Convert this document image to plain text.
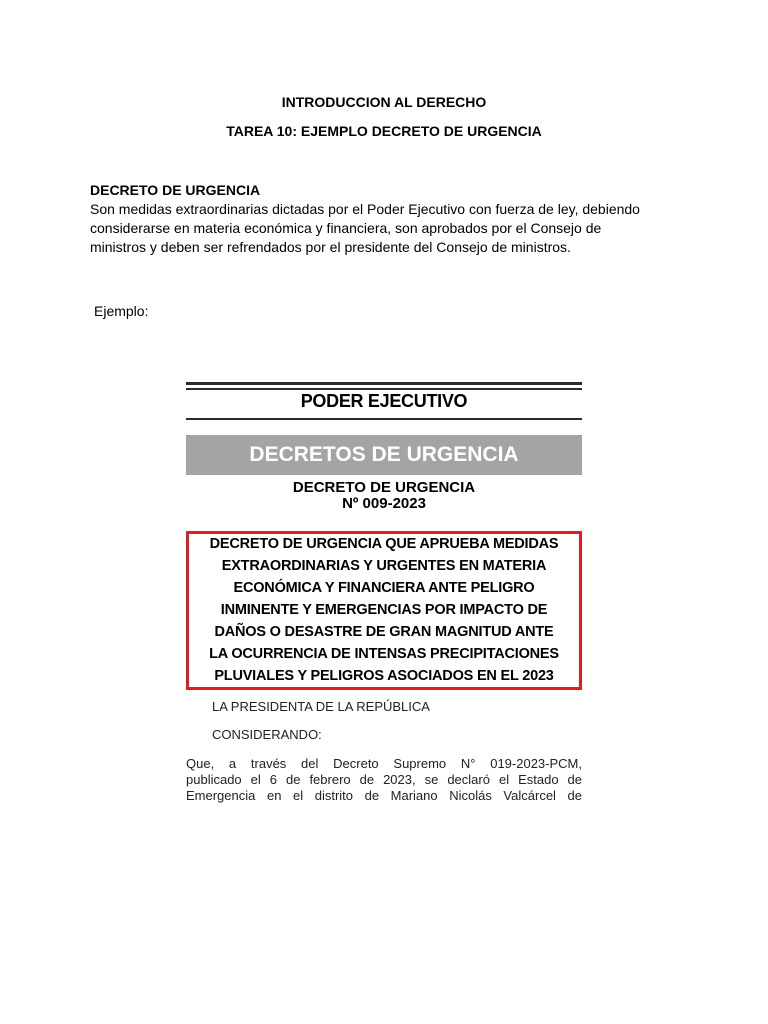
INTRODUCCION AL DERECHO
TAREA 10: EJEMPLO DECRETO DE URGENCIA

DECRETO DE URGENCIA

Son medidas extraordinarias dictadas por el Poder Ejecutivo con fuerza de ley, debiendo considerarse en materia económica y financiera, son aprobados por el Consejo de ministros y deben ser refrendados por el presidente del Consejo de ministros.

Ejemplo:

PODER EJECUTIVO
DECRETOS DE URGENCIA
DECRETO DE URGENCIA
Nº 009-2023
DECRETO DE URGENCIA QUE APRUEBA MEDIDAS
EXTRAORDINARIAS Y URGENTES EN MATERIA
ECONÓMICA Y FINANCIERA ANTE PELIGRO
INMINENTE Y EMERGENCIAS POR IMPACTO DE
DAÑOS O DESASTRE DE GRAN MAGNITUD ANTE
LA OCURRENCIA DE INTENSAS PRECIPITACIONES
PLUVIALES Y PELIGROS ASOCIADOS EN EL 2023
LA PRESIDENTA DE LA REPÚBLICA
CONSIDERANDO:
Que, a través del Decreto Supremo N° 019-2023-PCM,
publicado el 6 de febrero de 2023, se declaró el Estado de
Emergencia en el distrito de Mariano Nicolás Valcárcel de
